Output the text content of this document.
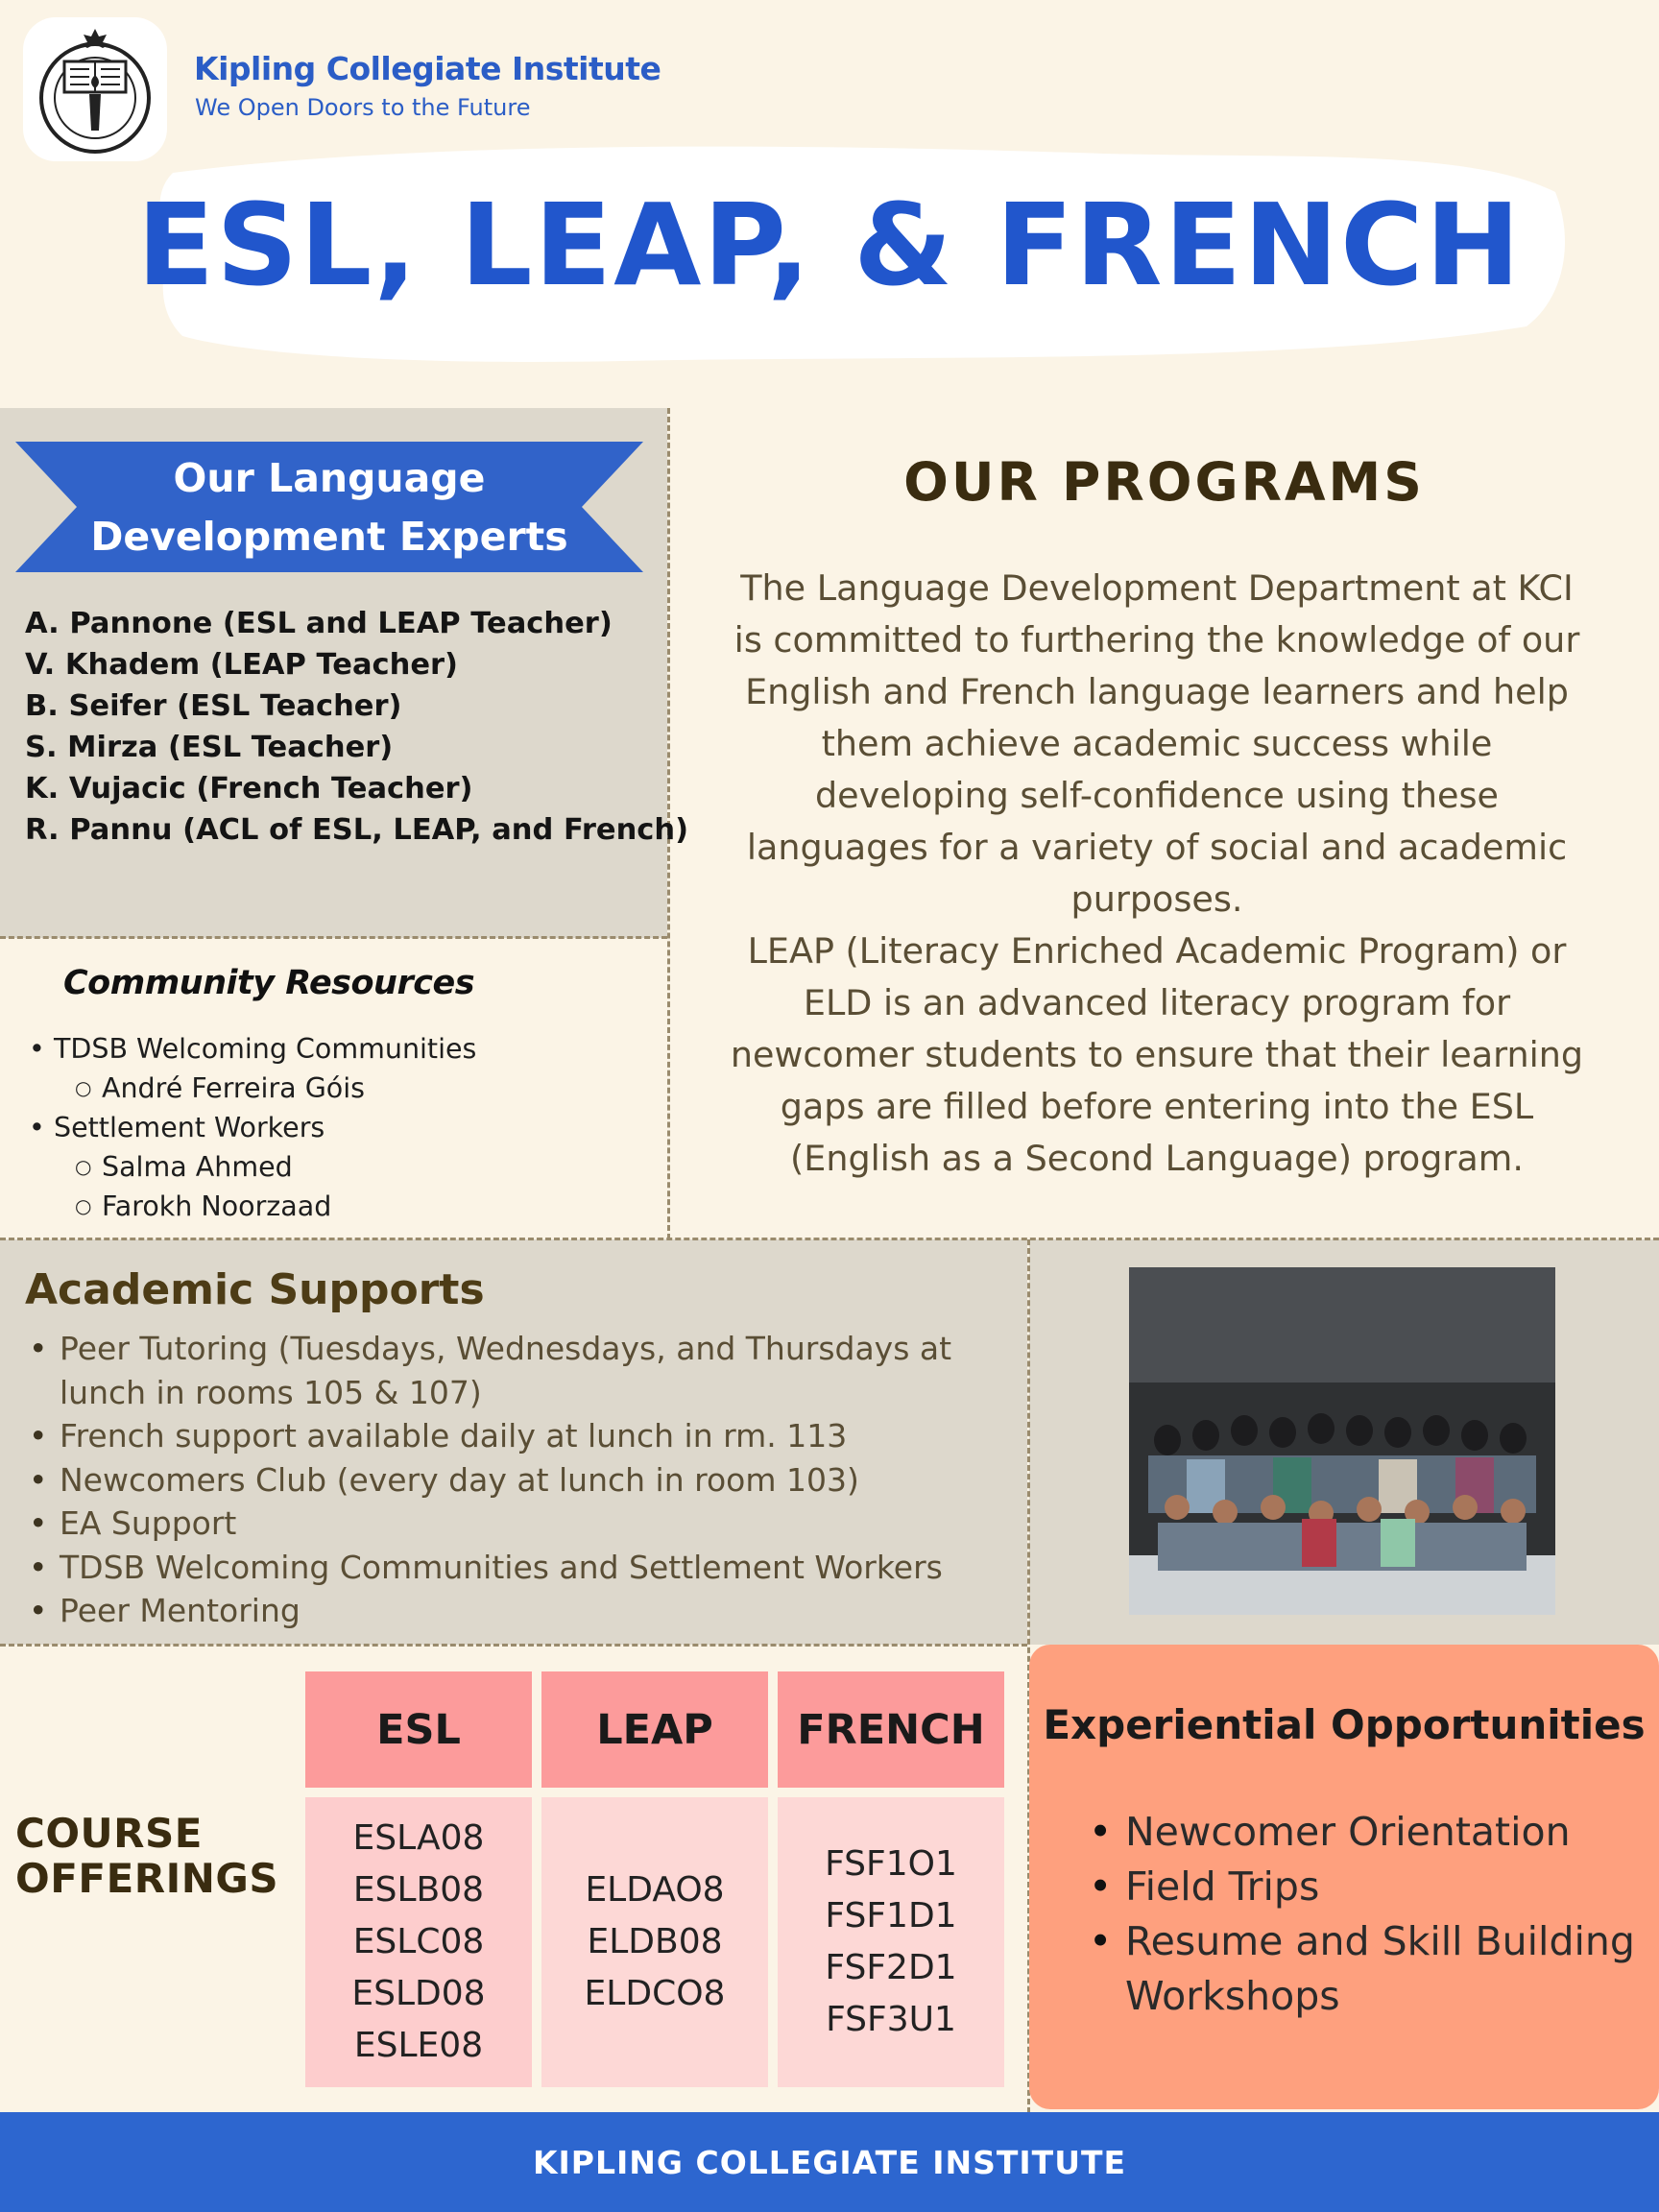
Kipling Collegiate Institute
We Open Doors to the Future
ESL, LEAP, & FRENCH
Our Language
Development Experts
A. Pannone (ESL and LEAP Teacher)
V. Khadem (LEAP Teacher)
B. Seifer (ESL Teacher)
S. Mirza (ESL Teacher)
K. Vujacic (French Teacher)
R. Pannu (ACL of ESL, LEAP, and French)
Community Resources
• TDSB Welcoming Communities
○ André Ferreira Góis
• Settlement Workers
○ Salma Ahmed
○ Farokh Noorzaad
OUR PROGRAMS
The Language Development Department at KCI
is committed to furthering the knowledge of our
English and French language learners and help
them achieve academic success while
developing self-confidence using these
languages for a variety of social and academic
purposes.
LEAP (Literacy Enriched Academic Program) or
ELD is an advanced literacy program for
newcomer students to ensure that their learning
gaps are filled before entering into the ESL
(English as a Second Language) program.
Academic Supports
• Peer Tutoring (Tuesdays, Wednesdays, and Thursdays at lunch in rooms 105 & 107)
• French support available daily at lunch in rm. 113
• Newcomers Club (every day at lunch in room 103)
• EA Support
• TDSB Welcoming Communities and Settlement Workers
• Peer Mentoring
COURSE
OFFERINGS
ESL	LEAP	FRENCH
ESLA08
ESLB08
ESLC08
ESLD08
ESLE08
ELDAO8
ELDB08
ELDCO8
FSF1O1
FSF1D1
FSF2D1
FSF3U1
Experiential Opportunities
• Newcomer Orientation
• Field Trips
• Resume and Skill Building Workshops
KIPLING COLLEGIATE INSTITUTE
